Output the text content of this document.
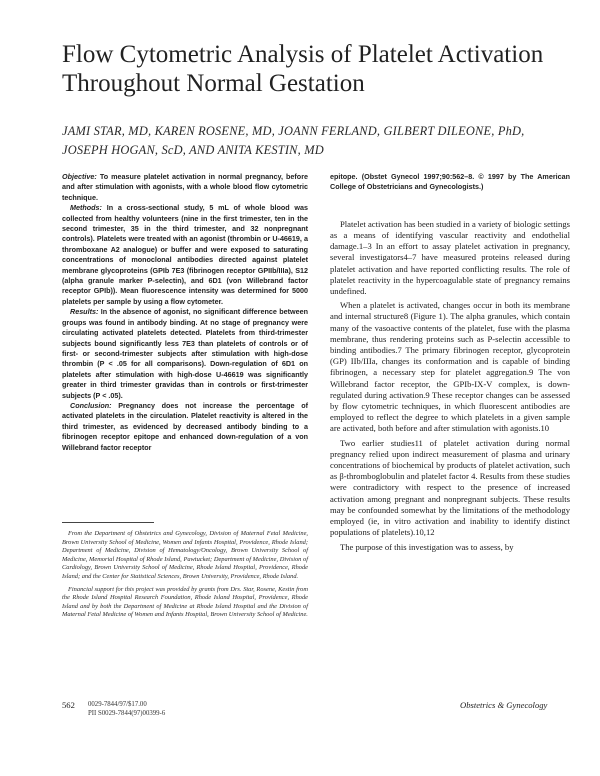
Flow Cytometric Analysis of Platelet Activation Throughout Normal Gestation
JAMI STAR, MD, KAREN ROSENE, MD, JOANN FERLAND, GILBERT DILEONE, PhD,
JOSEPH HOGAN, ScD, AND ANITA KESTIN, MD

Objective: To measure platelet activation in normal pregnancy, before and after stimulation with agonists, with a whole blood flow cytometric technique.

Methods: In a cross-sectional study, 5 mL of whole blood was collected from healthy volunteers (nine in the first trimester, ten in the second trimester, 35 in the third trimester, and 32 nonpregnant controls). Platelets were treated with an agonist (thrombin or U-46619, a thromboxane A2 analogue) or buffer and were exposed to saturating concentrations of monoclonal antibodies directed against platelet membrane glycoproteins (GPIb 7E3 (fibrinogen receptor GPIIb/IIIa), S12 (alpha granule marker P-selectin), and 6D1 (von Willebrand factor receptor GPIb)). Mean fluorescence intensity was determined for 5000 platelets per sample by using a flow cytometer.

Results: In the absence of agonist, no significant difference between groups was found in antibody binding. At no stage of pregnancy were circulating activated platelets detected. Platelets from third-trimester subjects bound significantly less 7E3 than platelets of controls or of first- or second-trimester subjects after stimulation with high-dose thrombin (P < .05 for all comparisons). Down-regulation of 6D1 on platelets after stimulation with high-dose U-46619 was significantly greater in third trimester gravidas than in controls or first-trimester subjects (P < .05).

Conclusion: Pregnancy does not increase the percentage of activated platelets in the circulation. Platelet reactivity is altered in the third trimester, as evidenced by decreased antibody binding to a fibrinogen receptor epitope and enhanced down-regulation of a von Willebrand factor receptor

epitope. (Obstet Gynecol 1997;90:562–8. © 1997 by The American College of Obstetricians and Gynecologists.)

Platelet activation has been studied in a variety of biologic settings as a means of identifying vascular reactivity and endothelial damage.1–3 In an effort to assay platelet activation in pregnancy, several investigators4–7 have measured proteins released during platelet activation and have reported conflicting results. The role of platelet reactivity in the hypercoagulable state of pregnancy remains undefined.

When a platelet is activated, changes occur in both its membrane and internal structure8 (Figure 1). The alpha granules, which contain many of the vasoactive contents of the platelet, fuse with the plasma membrane, thus rendering proteins such as P-selectin accessible to binding antibodies.7 The primary fibrinogen receptor, glycoprotein (GP) IIb/IIIa, changes its conformation and is capable of binding fibrinogen, a necessary step for platelet aggregation.9 The von Willebrand factor receptor, the GPIb-IX-V complex, is down-regulated during activation.9 These receptor changes can be assessed by flow cytometric techniques, in which fluorescent antibodies are employed to reflect the degree to which platelets in a given sample are activated, both before and after stimulation with agonists.10

Two earlier studies11 of platelet activation during normal pregnancy relied upon indirect measurement of plasma and urinary concentrations of biochemical by products of platelet activation, such as β-thromboglobulin and platelet factor 4. Results from these studies were contradictory with respect to the presence of increased activation among pregnant and nonpregnant subjects. These results may be confounded somewhat by the limitations of the methodology employed (ie, in vitro activation and inability to identify distinct populations of platelets).10,12

The purpose of this investigation was to assess, by

From the Department of Obstetrics and Gynecology, Division of Maternal Fetal Medicine, Brown University School of Medicine, Women and Infants Hospital, Providence, Rhode Island; Department of Medicine, Division of Hematology/Oncology, Brown University School of Medicine, Memorial Hospital of Rhode Island, Pawtucket; Department of Medicine, Division of Cardiology, Brown University School of Medicine, Rhode Island Hospital, Providence, Rhode Island; and the Center for Statistical Sciences, Brown University, Providence, Rhode Island.

Financial support for this project was provided by grants from Drs. Star, Rosene, Kestin from the Rhode Island Hospital Research Foundation, Rhode Island Hospital, Providence, Rhode Island and by both the Department of Medicine at Rhode Island Hospital and the Division of Maternal Fetal Medicine of Women and Infants Hospital, Brown University School of Medicine.

562 0029-7844/97/$17.00
PII S0029-7844(97)00399-6
Obstetrics & Gynecology
